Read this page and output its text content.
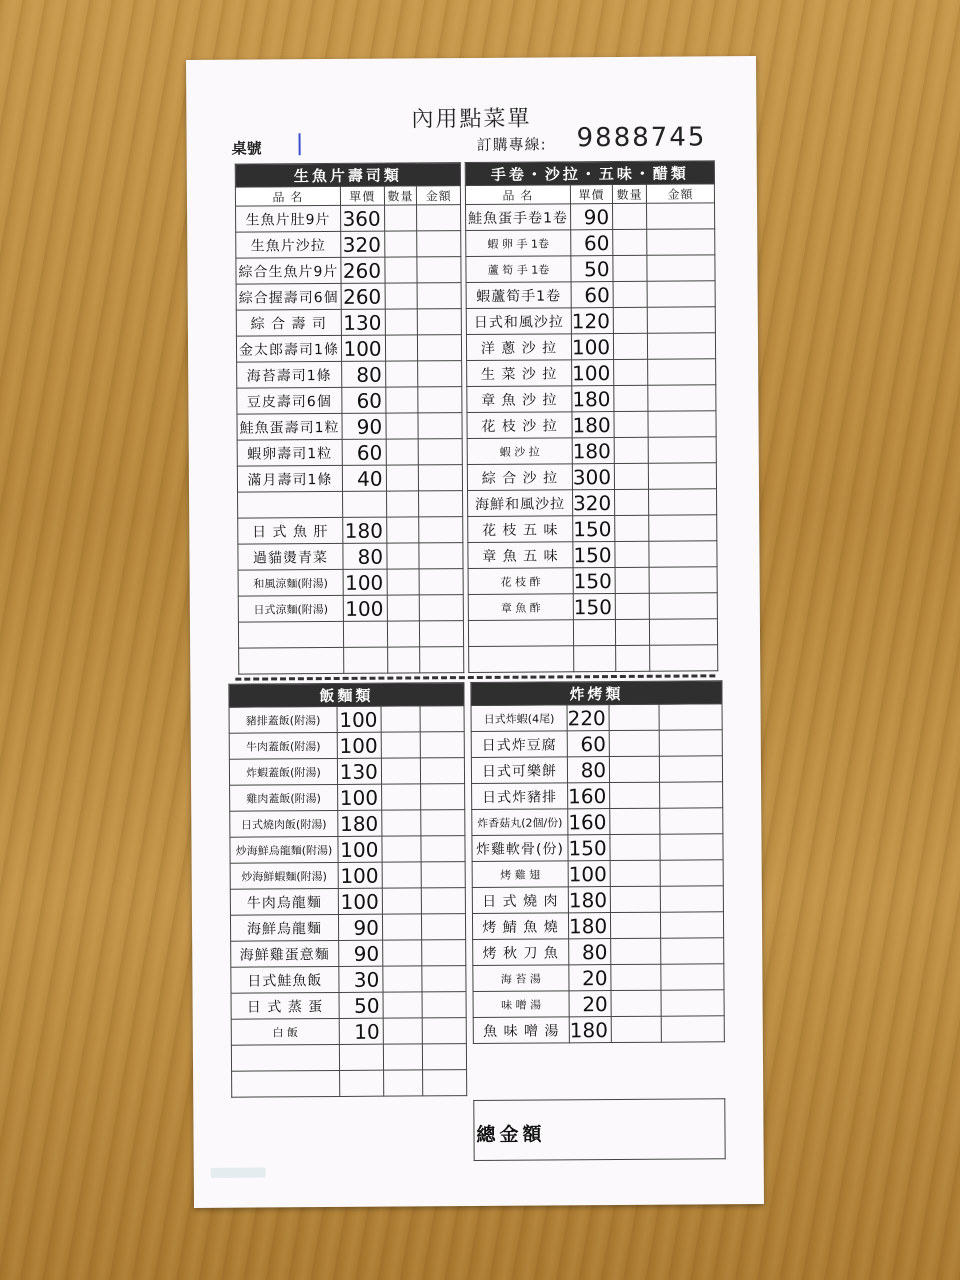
內用點菜單
桌號	訂購專線: 9888745
生魚片壽司類			
品 名	單價	數量	金額
生魚片肚9片	360		
生魚片沙拉	320		
綜合生魚片9片	260		
綜合握壽司6個	260		
綜 合 壽 司	130		
金太郎壽司1條	100		
海苔壽司1條	80		
豆皮壽司6個	60		
鮭魚蛋壽司1粒	90		
蝦卵壽司1粒	60		
滿月壽司1條	40		

日 式 魚 肝	180		
過貓燙青菜	80		
和風涼麵(附湯)	100		
日式涼麵(附湯)	100		

手卷・沙拉・五味・醋類			
品 名	單價	數量	金額
鮭魚蛋手卷1卷	90		
蝦 卵 手 1卷	60		
蘆 筍 手 1卷	50		
蝦蘆筍手1卷	60		
日式和風沙拉	120		
洋 蔥 沙 拉	100		
生 菜 沙 拉	100		
章 魚 沙 拉	180		
花 枝 沙 拉	180		
蝦 沙 拉	180		
綜 合 沙 拉	300		
海鮮和風沙拉	320		
花 枝 五 味	150		
章 魚 五 味	150		
花 枝 酢	150		
章 魚 酢	150		

飯麵類			
豬排蓋飯(附湯)	100		
牛肉蓋飯(附湯)	100		
炸蝦蓋飯(附湯)	130		
雞肉蓋飯(附湯)	100		
日式燒肉飯(附湯)	180		
炒海鮮烏龍麵(附湯)	100		
炒海鮮蝦麵(附湯)	100		
牛肉烏龍麵	100		
海鮮烏龍麵	90		
海鮮雞蛋意麵	90		
日式鮭魚飯	30		
日 式 蒸 蛋	50		
白 飯	10		

炸烤類			
日式炸蝦(4尾)	220		
日式炸豆腐	60		
日式可樂餅	80		
日式炸豬排	160		
炸香菇丸(2個/份)	160		
炸雞軟骨(份)	150		
烤 雞 翅	100		
日 式 燒 肉	180		
烤 鯖 魚 燒	180		
烤 秋 刀 魚	80		
海 苔 湯	20		
味 噌 湯	20		
魚 味 噌 湯	180		
總金額
